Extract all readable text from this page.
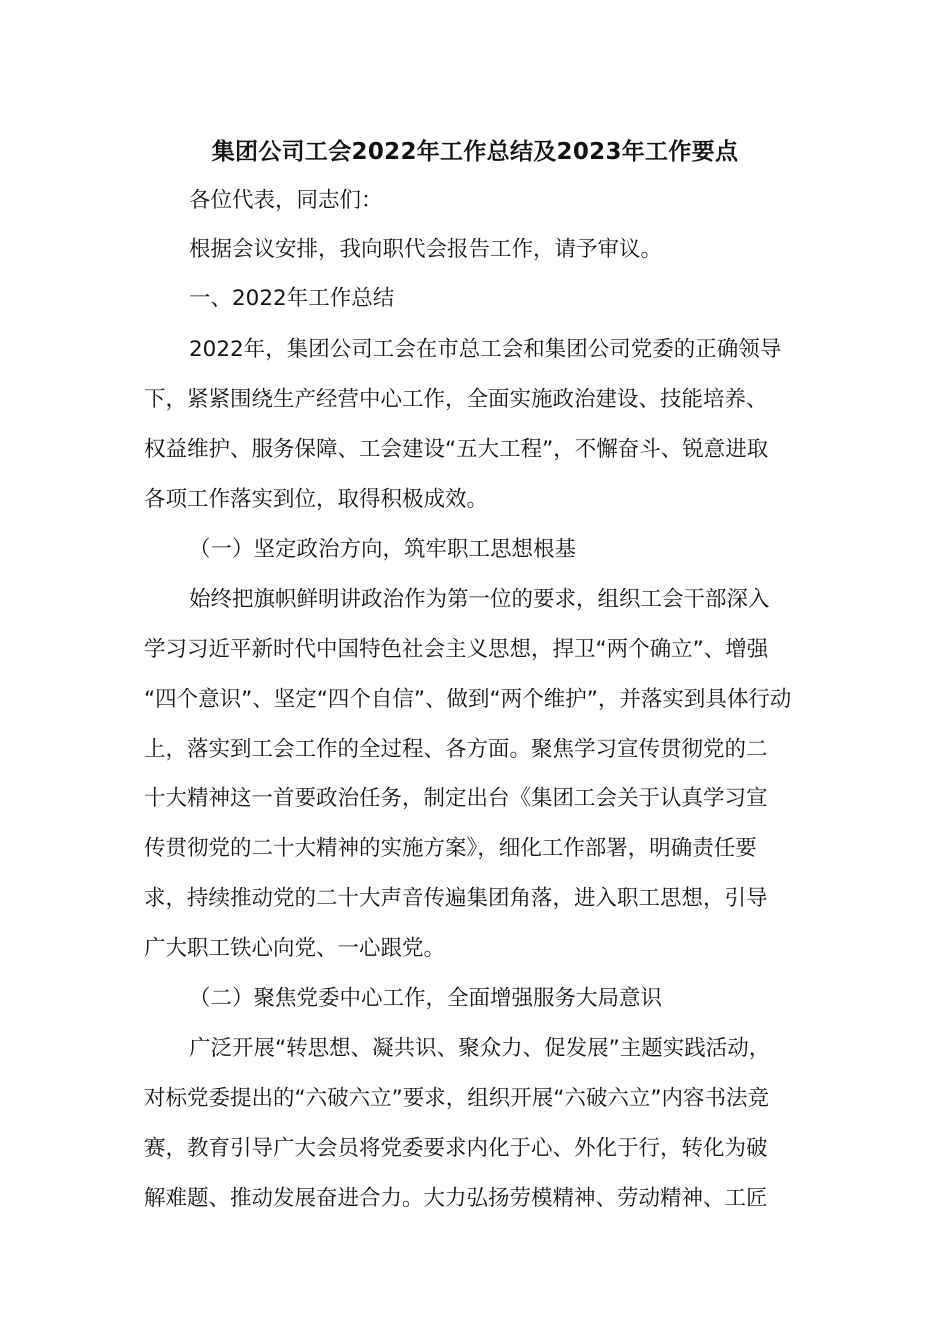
集团公司工会2022年工作总结及2023年工作要点
各位代表，同志们：
根据会议安排，我向职代会报告工作，请予审议。
一、2022年工作总结
2022年，集团公司工会在市总工会和集团公司党委的正确领导
下，紧紧围绕生产经营中心工作，全面实施政治建设、技能培养、
权益维护、服务保障、工会建设“五大工程”，不懈奋斗、锐意进取
各项工作落实到位，取得积极成效。
（一）坚定政治方向，筑牢职工思想根基
始终把旗帜鲜明讲政治作为第一位的要求，组织工会干部深入
学习习近平新时代中国特色社会主义思想，捍卫“两个确立”、增强
“四个意识”、坚定“四个自信”、做到“两个维护”，并落实到具体行动
上，落实到工会工作的全过程、各方面。聚焦学习宣传贯彻党的二
十大精神这一首要政治任务，制定出台《集团工会关于认真学习宣
传贯彻党的二十大精神的实施方案》，细化工作部署，明确责任要
求，持续推动党的二十大声音传遍集团角落，进入职工思想，引导
广大职工铁心向党、一心跟党。
（二）聚焦党委中心工作，全面增强服务大局意识
广泛开展“转思想、凝共识、聚众力、促发展”主题实践活动，
对标党委提出的“六破六立”要求，组织开展“六破六立”内容书法竞
赛，教育引导广大会员将党委要求内化于心、外化于行，转化为破
解难题、推动发展奋进合力。大力弘扬劳模精神、劳动精神、工匠
